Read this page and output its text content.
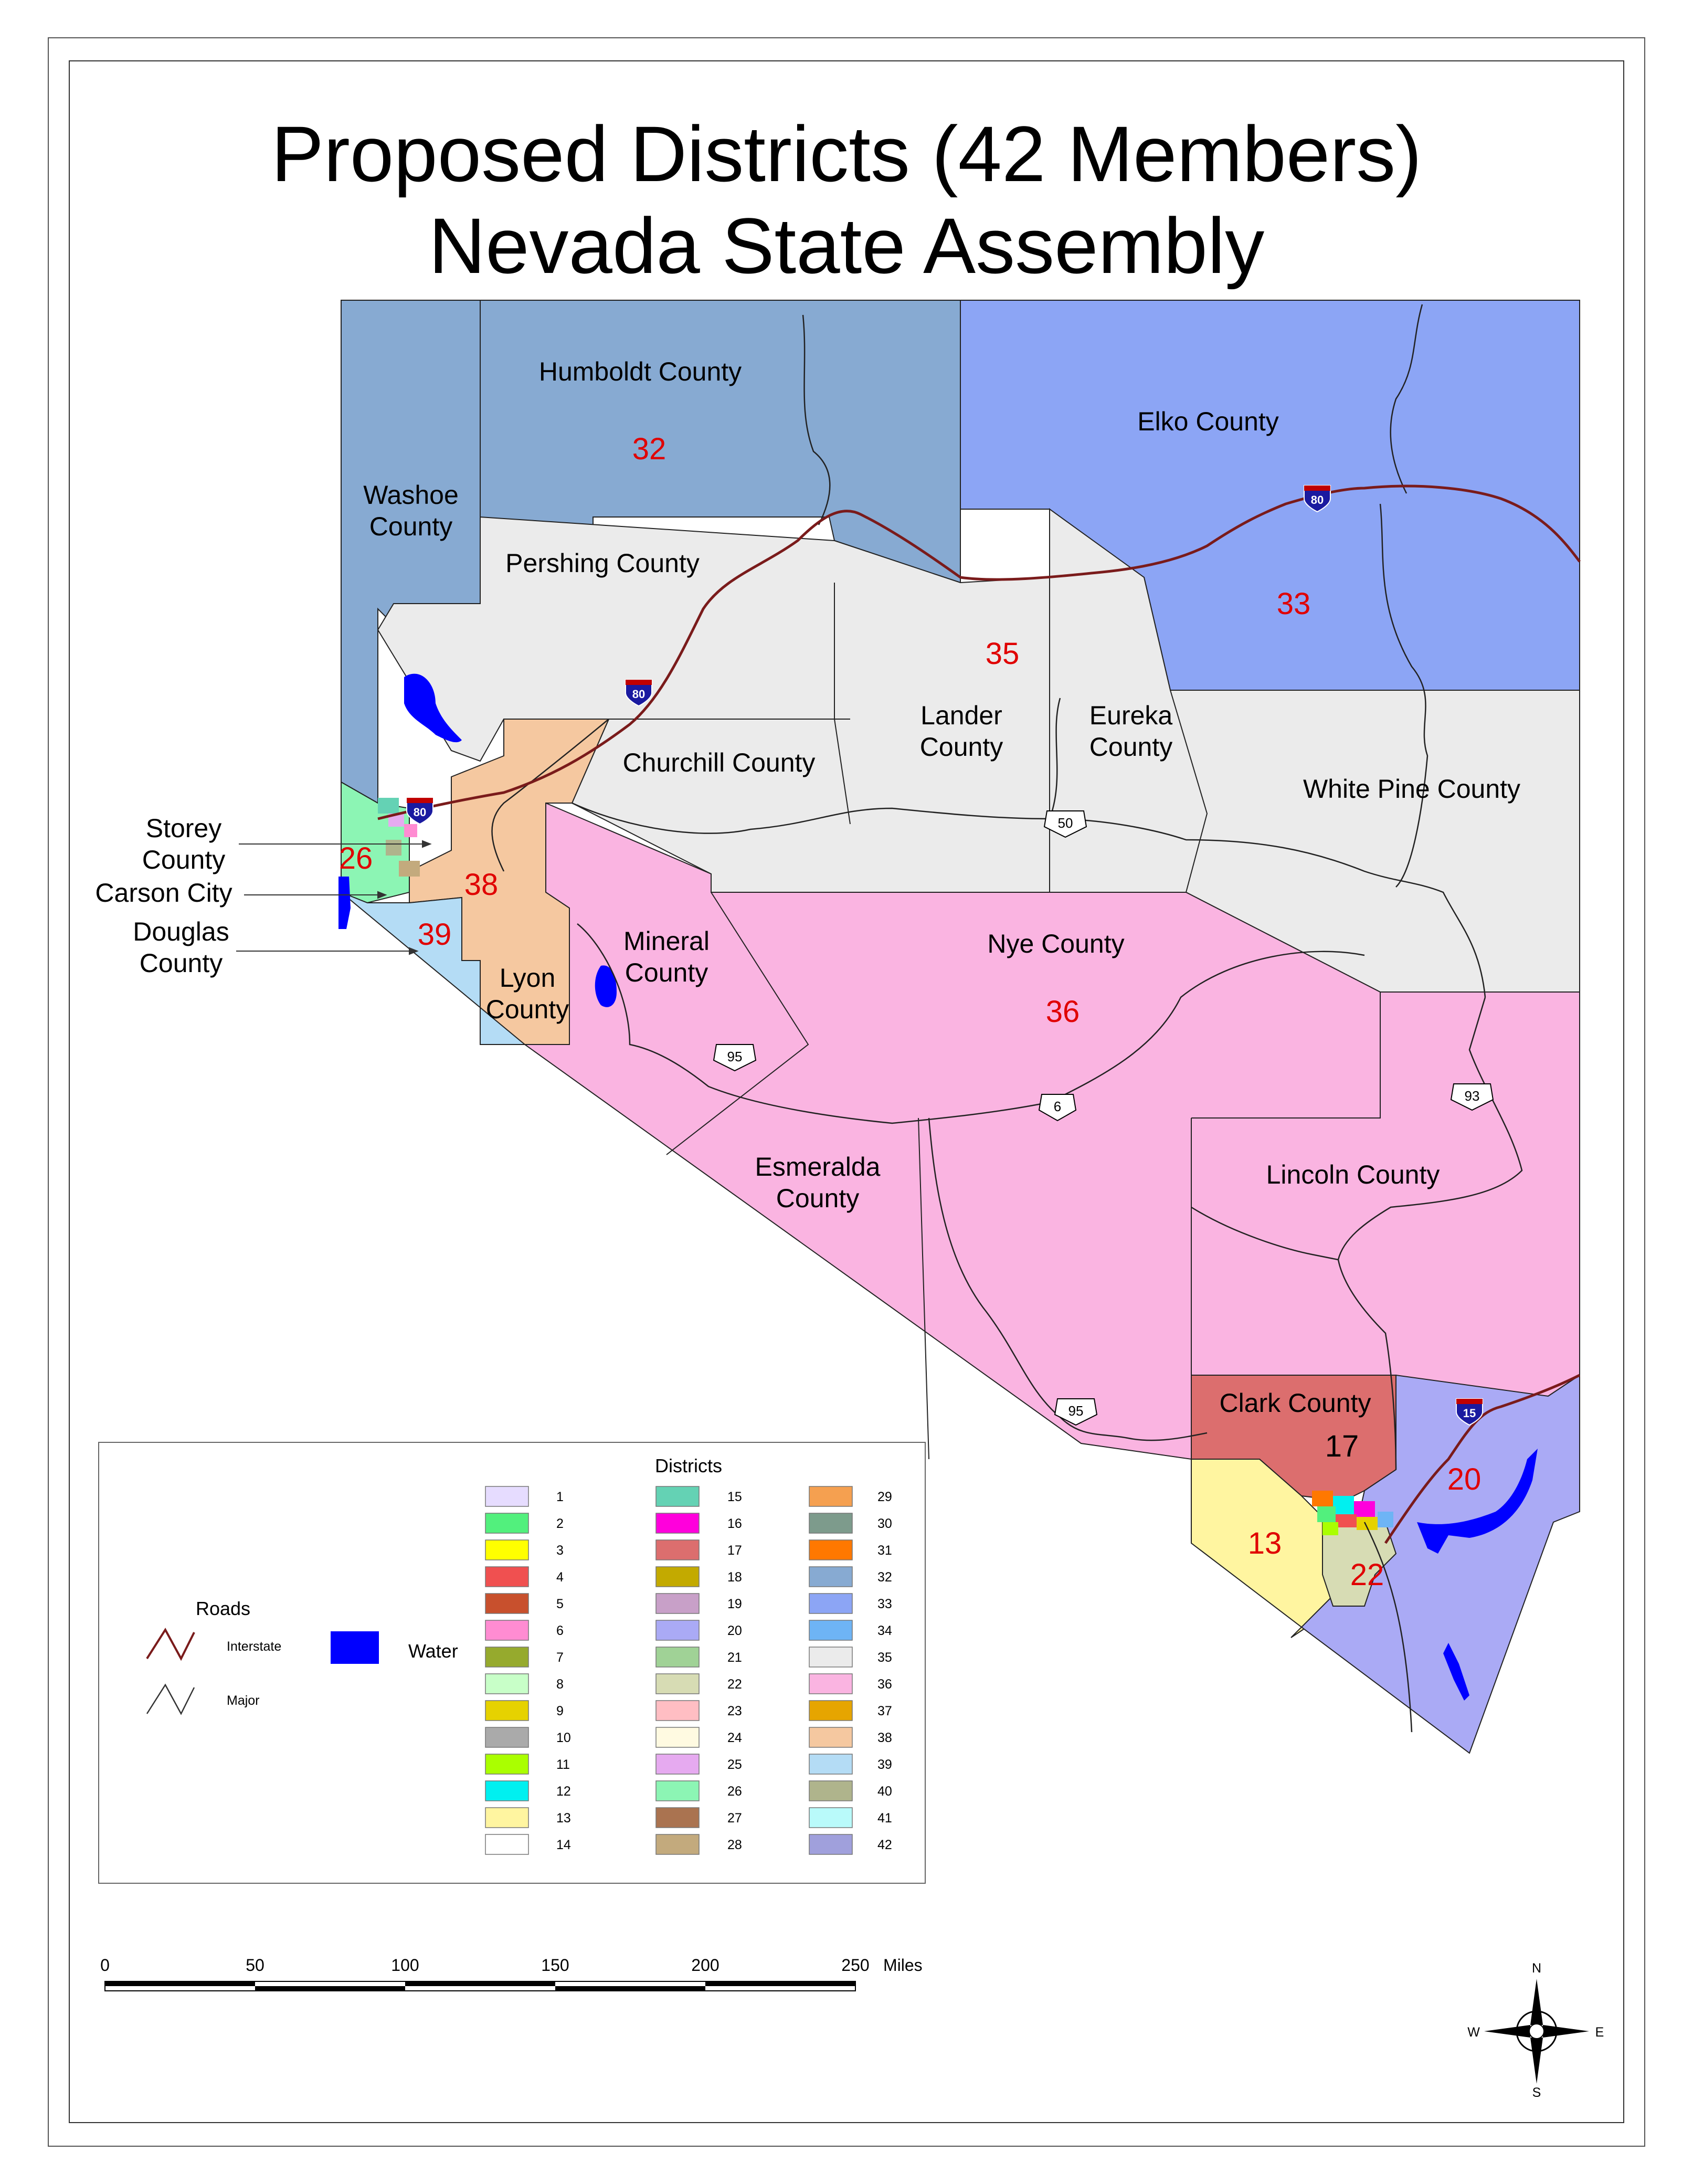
Proposed Districts (42 Members)
Nevada State Assembly
80
80
80
15
50
95
95
6
93
Humboldt County
Washoe
County
Elko County
Pershing County
Lander
County
Eureka
County
Churchill County
White Pine County
Mineral
County
Nye County
Lyon
County
Esmeralda
County
Lincoln County
Clark County
Storey
County
Carson City
Douglas
County
32
33
35
26
38
39
36
17
20
13
22
Districts
1
2
3
4
5
6
7
8
9
10
11
12
13
14
15
16
17
18
19
20
21
22
23
24
25
26
27
28
29
30
31
32
33
34
35
36
37
38
39
40
41
42
Roads
Interstate
Major
Water
0	50	100	150	200	250 Miles	N
E
S
W
